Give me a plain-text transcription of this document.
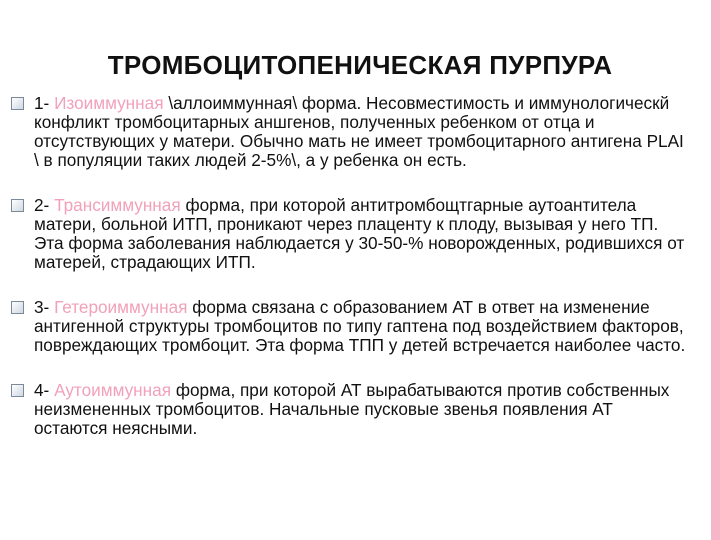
ТРОМБОЦИТОПЕНИЧЕСКАЯ ПУРПУРА
1- Изоиммунная \аллоиммунная\ форма. Несовместимость и иммунологическй конфликт тромбоцитарных аншгенов, полученных ребенком от отца и отсутствующих у матери. Обычно мать не имеет тромбоцитарного антигена PLAI \ в популяции таких людей 2-5%\, а у ребенка он есть.
2- Трансиммунная форма, при которой антитромбощтгарные аутоантитела матери, больной ИТП, проникают через плаценту к плоду, вызывая у него ТП. Эта форма заболевания наблюдается у 30-50-% новорожденных, родившихся от матерей, страдающих ИТП.
3- Гетероиммунная форма связана с образованием АТ в ответ на изменение антигенной структуры тромбоцитов по типу гаптена под воздействием факторов, повреждающих тромбоцит. Эта форма ТПП у детей встречается наиболее часто.
4- Аутоиммунная форма, при которой АТ вырабатываются против собственных неизмененных тромбоцитов. Начальные пусковые звенья появления АТ остаются неясными.
